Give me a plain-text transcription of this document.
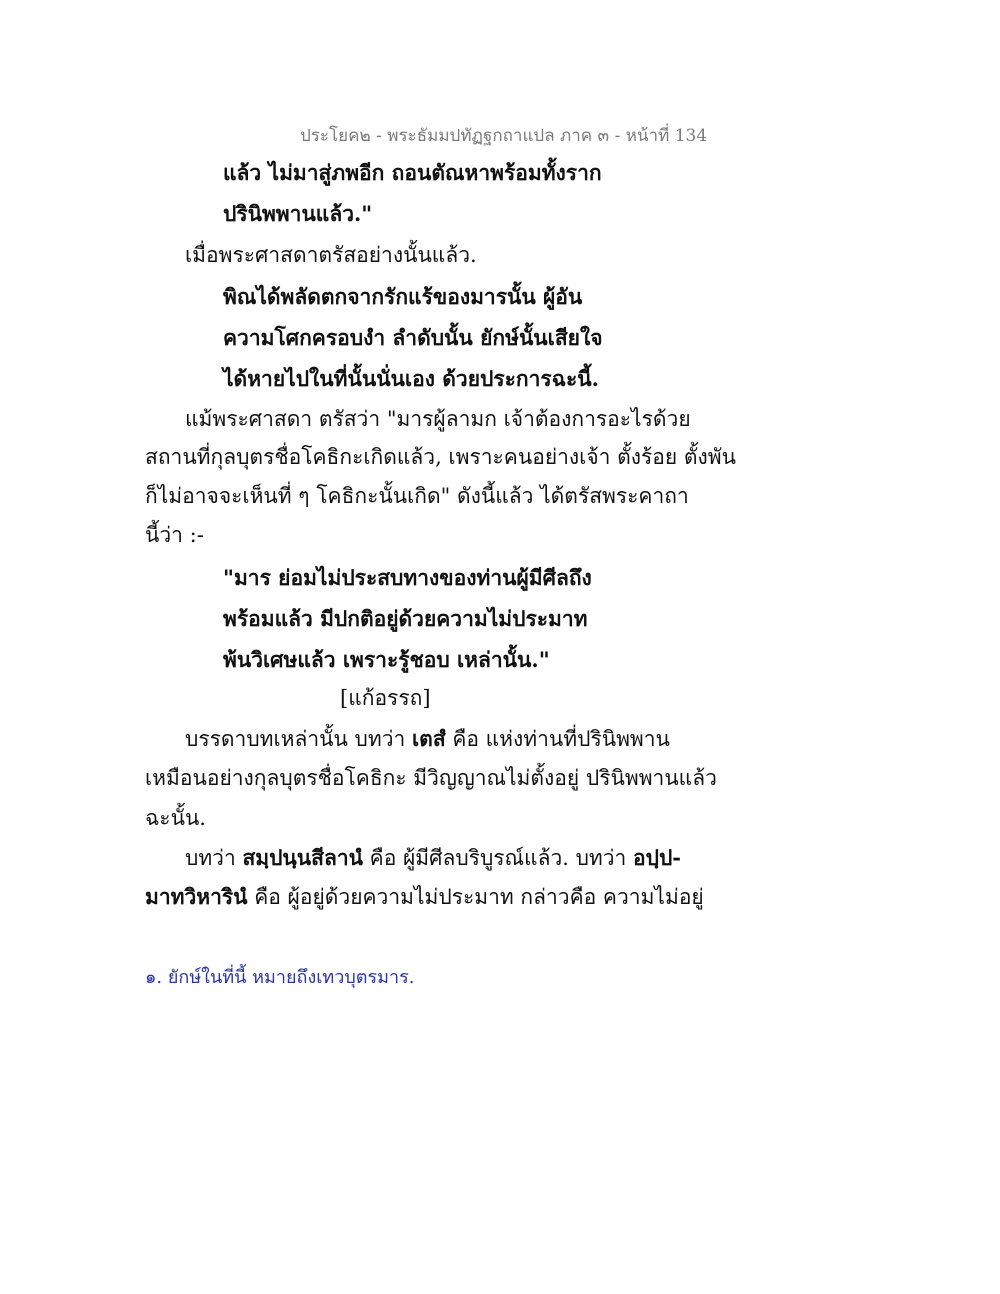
ประโยค๒ - พระธัมมปทัฏฐกถาแปล ภาค ๓ - หน้าที่ 134
แล้ว ไม่มาสู่ภพอีก ถอนตัณหาพร้อมทั้งราก
ปรินิพพานแล้ว."
เมื่อพระศาสดาตรัสอย่างนั้นแล้ว.
พิณได้พลัดตกจากรักแร้ของมารนั้น ผู้อัน
ความโศกครอบงำ ลำดับนั้น ยักษ์นั้นเสียใจ
ได้หายไปในที่นั้นนั่นเอง ด้วยประการฉะนี้.
แม้พระศาสดา ตรัสว่า "มารผู้ลามก เจ้าต้องการอะไรด้วย
สถานที่กุลบุตรชื่อโคธิกะเกิดแล้ว, เพราะคนอย่างเจ้า ตั้งร้อย ตั้งพัน
ก็ไม่อาจจะเห็นที่ ๆ โคธิกะนั้นเกิด" ดังนี้แล้ว ได้ตรัสพระคาถา
นี้ว่า :-
"มาร ย่อมไม่ประสบทางของท่านผู้มีศีลถึง
พร้อมแล้ว มีปกติอยู่ด้วยความไม่ประมาท
พ้นวิเศษแล้ว เพราะรู้ชอบ เหล่านั้น."
[แก้อรรถ]
บรรดาบทเหล่านั้น บทว่า เตสํ คือ แห่งท่านที่ปรินิพพาน
เหมือนอย่างกุลบุตรชื่อโคธิกะ มีวิญญาณไม่ตั้งอยู่ ปรินิพพานแล้ว
ฉะนั้น.
บทว่า สมฺปนฺนสีลานํ คือ ผู้มีศีลบริบูรณ์แล้ว. บทว่า อปฺป-
มาทวิหารินํ คือ ผู้อยู่ด้วยความไม่ประมาท กล่าวคือ ความไม่อยู่
๑. ยักษ์ในที่นี้ หมายถึงเทวบุตรมาร.
